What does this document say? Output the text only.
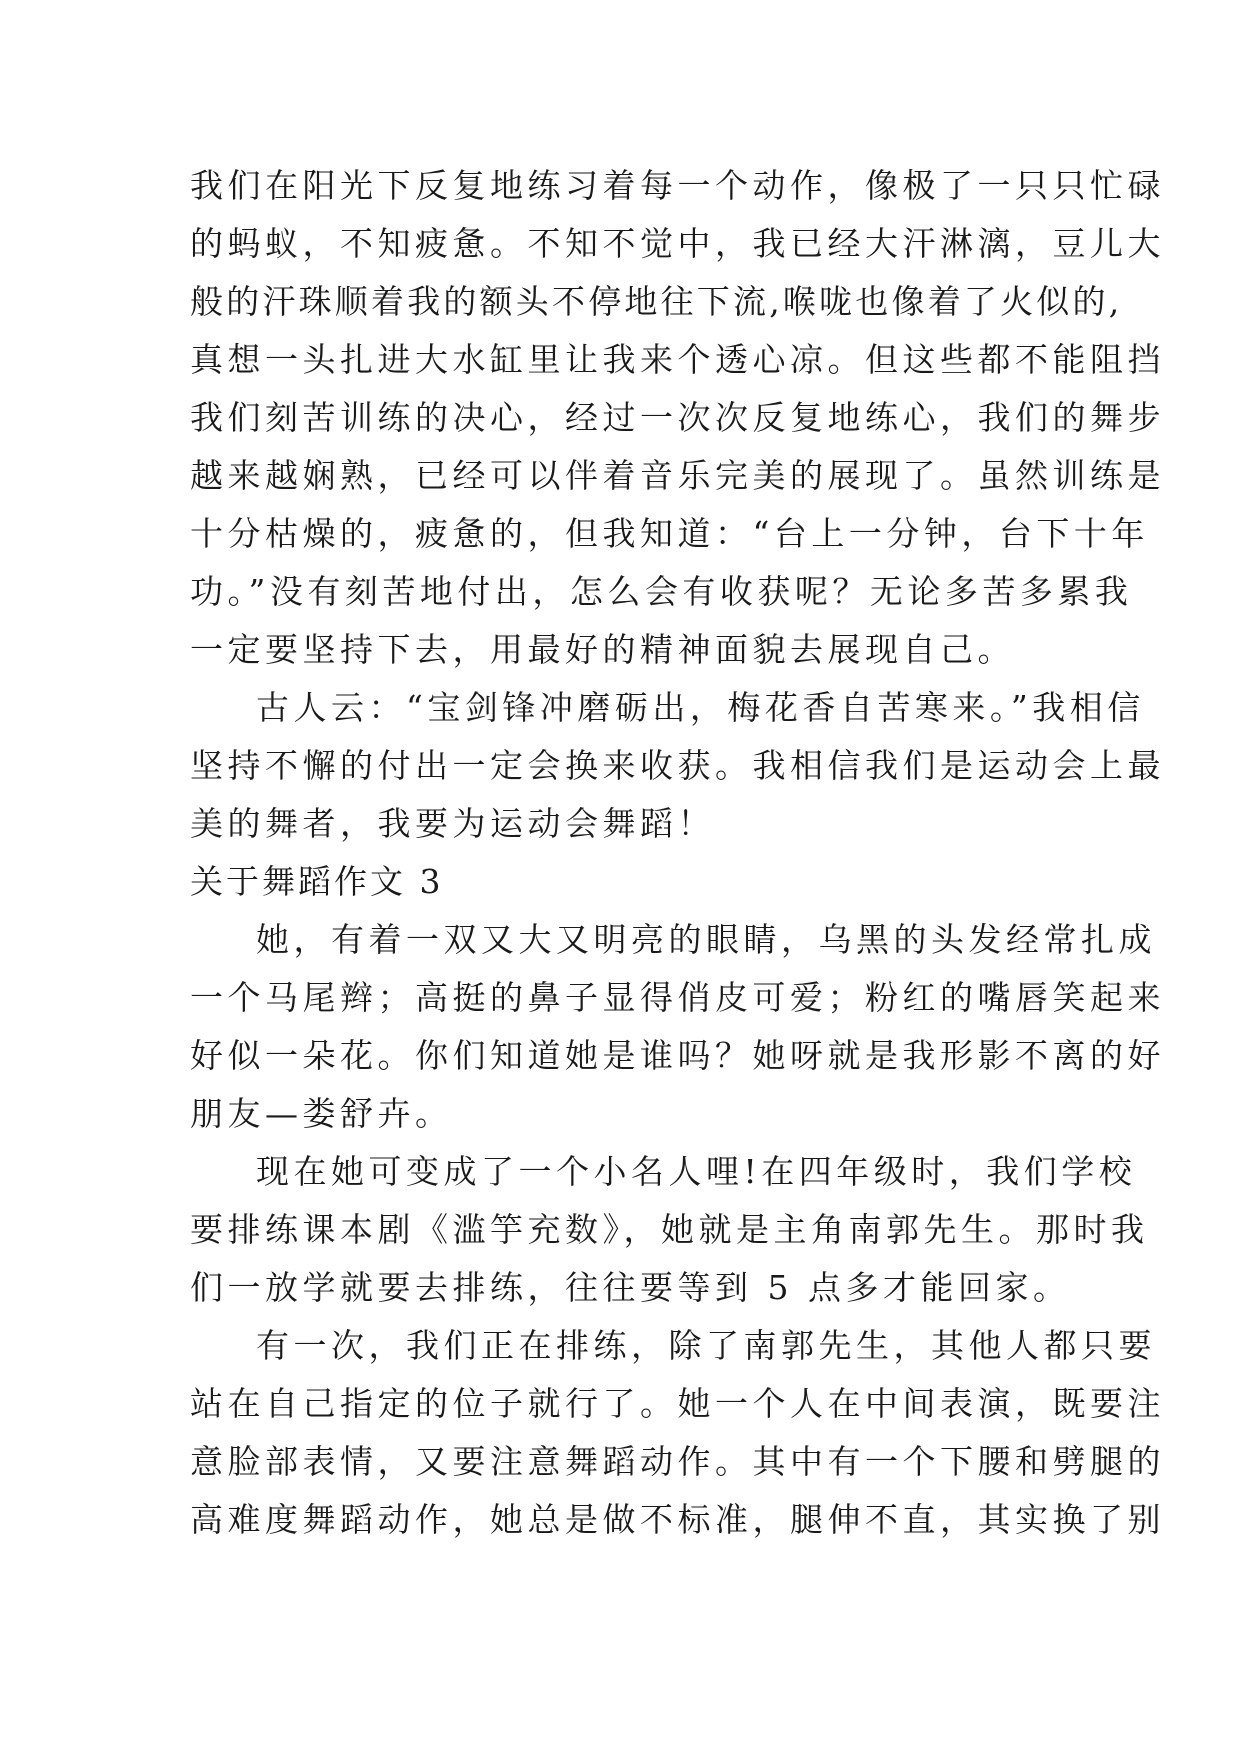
我们在阳光下反复地练习着每一个动作，像极了一只只忙碌
的蚂蚁，不知疲惫。不知不觉中，我已经大汗淋漓，豆儿大
般的汗珠顺着我的额头不停地往下流,喉咙也像着了火似的,
真想一头扎进大水缸里让我来个透心凉。但这些都不能阻挡
我们刻苦训练的决心，经过一次次反复地练心，我们的舞步
越来越娴熟，已经可以伴着音乐完美的展现了。虽然训练是
十分枯燥的，疲惫的，但我知道：“台上一分钟，台下十年
功。”没有刻苦地付出，怎么会有收获呢？无论多苦多累我
一定要坚持下去，用最好的精神面貌去展现自己。
古人云：“宝剑锋冲磨砺出，梅花香自苦寒来。”我相信
坚持不懈的付出一定会换来收获。我相信我们是运动会上最
美的舞者，我要为运动会舞蹈！
关于舞蹈作文 3
她，有着一双又大又明亮的眼睛，乌黑的头发经常扎成
一个马尾辫；高挺的鼻子显得俏皮可爱；粉红的嘴唇笑起来
好似一朵花。你们知道她是谁吗？她呀就是我形影不离的好
朋友—娄舒卉。
现在她可变成了一个小名人哩!在四年级时，我们学校
要排练课本剧《滥竽充数》，她就是主角南郭先生。那时我
们一放学就要去排练，往往要等到 5 点多才能回家。
有一次，我们正在排练，除了南郭先生，其他人都只要
站在自己指定的位子就行了。她一个人在中间表演，既要注
意脸部表情，又要注意舞蹈动作。其中有一个下腰和劈腿的
高难度舞蹈动作，她总是做不标准，腿伸不直，其实换了别
